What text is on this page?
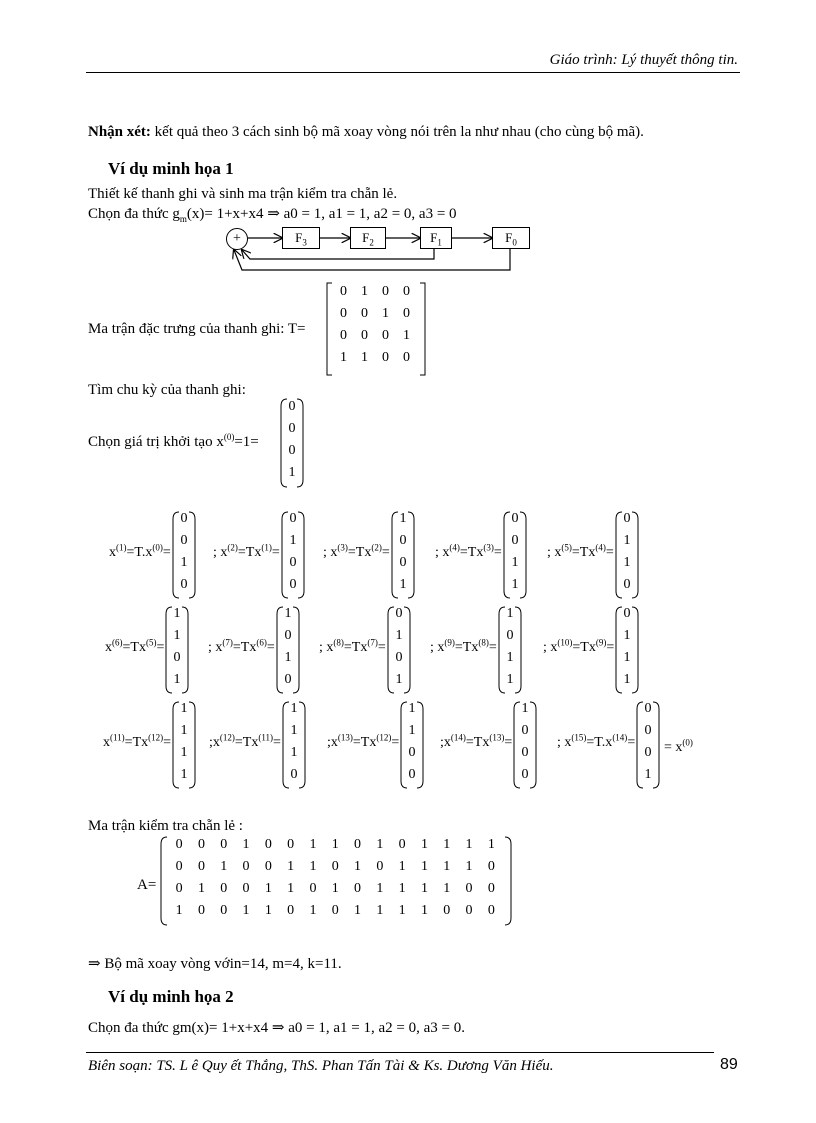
Giáo trình: Lý thuyết thông tin.
Nhận xét: kết quả theo 3 cách sinh bộ mã xoay vòng nói trên la như nhau (cho cùng bộ mã).
Ví dụ minh họa 1
Thiết kế thanh ghi và sinh ma trận kiểm tra chẵn lẻ.
Chọn đa thức $g_m(x)= 1+x+x4$ ⇒ a0 = 1, a1 = 1, a2 = 0, a3 = 0
+	$F_3$	$F_2$	$F_1$	$F_0$
Ma trận đặc trưng của thanh ghi: T=
0	1	0	0
0	0	1	0
0	0	0	1
1	1	0	0
Tìm chu kỳ của thanh ghi:
Chọn giá trị khởi tạo $x^{(0)}=1=$
0
0
0
1
$x^{(1)}=T.x^{(0)}=$
0
0
1
0
; $x^{(2)}=Tx^{(1)}=$
0
1
0
0
; $x^{(3)}=Tx^{(2)}=$
1
0
0
1
; $x^{(4)}=Tx^{(3)}=$
0
0
1
1
; $x^{(5)}=Tx^{(4)}=$
0
1
1
0
$x^{(6)}=Tx^{(5)}=$
1
1
0
1
; $x^{(7)}=Tx^{(6)}=$
1
0
1
0
; $x^{(8)}=Tx^{(7)}=$
0
1
0
1
; $x^{(9)}=Tx^{(8)}=$
1
0
1
1
; $x^{(10)}=Tx^{(9)}=$
0
1
1
1
$x^{(11)}=Tx^{(12)}=$
1
1
1
1
$;x^{(12)}=Tx^{(11)}=$
1
1
1
0
$;x^{(13)}=Tx^{(12)}=$
1
1
0
0
$;x^{(14)}=Tx^{(13)}=$
1
0
0
0
; $x^{(15)}=T.x^{(14)}=$
0
0
0
1
= $x^{(0)}$
Ma trận kiểm tra chẵn lẻ :
A=
0	0	0	1	0	0	1	1	0	1	0	1	1	1	1
0	0	1	0	0	1	1	0	1	0	1	1	1	1	0
0	1	0	0	1	1	0	1	0	1	1	1	1	0	0
1	0	0	1	1	0	1	0	1	1	1	1	0	0	0
⇒ Bộ mã xoay vòng vớin=14, m=4, k=11.
Ví dụ minh họa 2
Chọn đa thức gm(x)= 1+x+x4 ⇒ a0 = 1, a1 = 1, a2 = 0, a3 = 0.
Biên soạn: TS. L ê Quy ết Thắng, ThS. Phan Tấn Tài & Ks. Dương Văn Hiếu.	89
